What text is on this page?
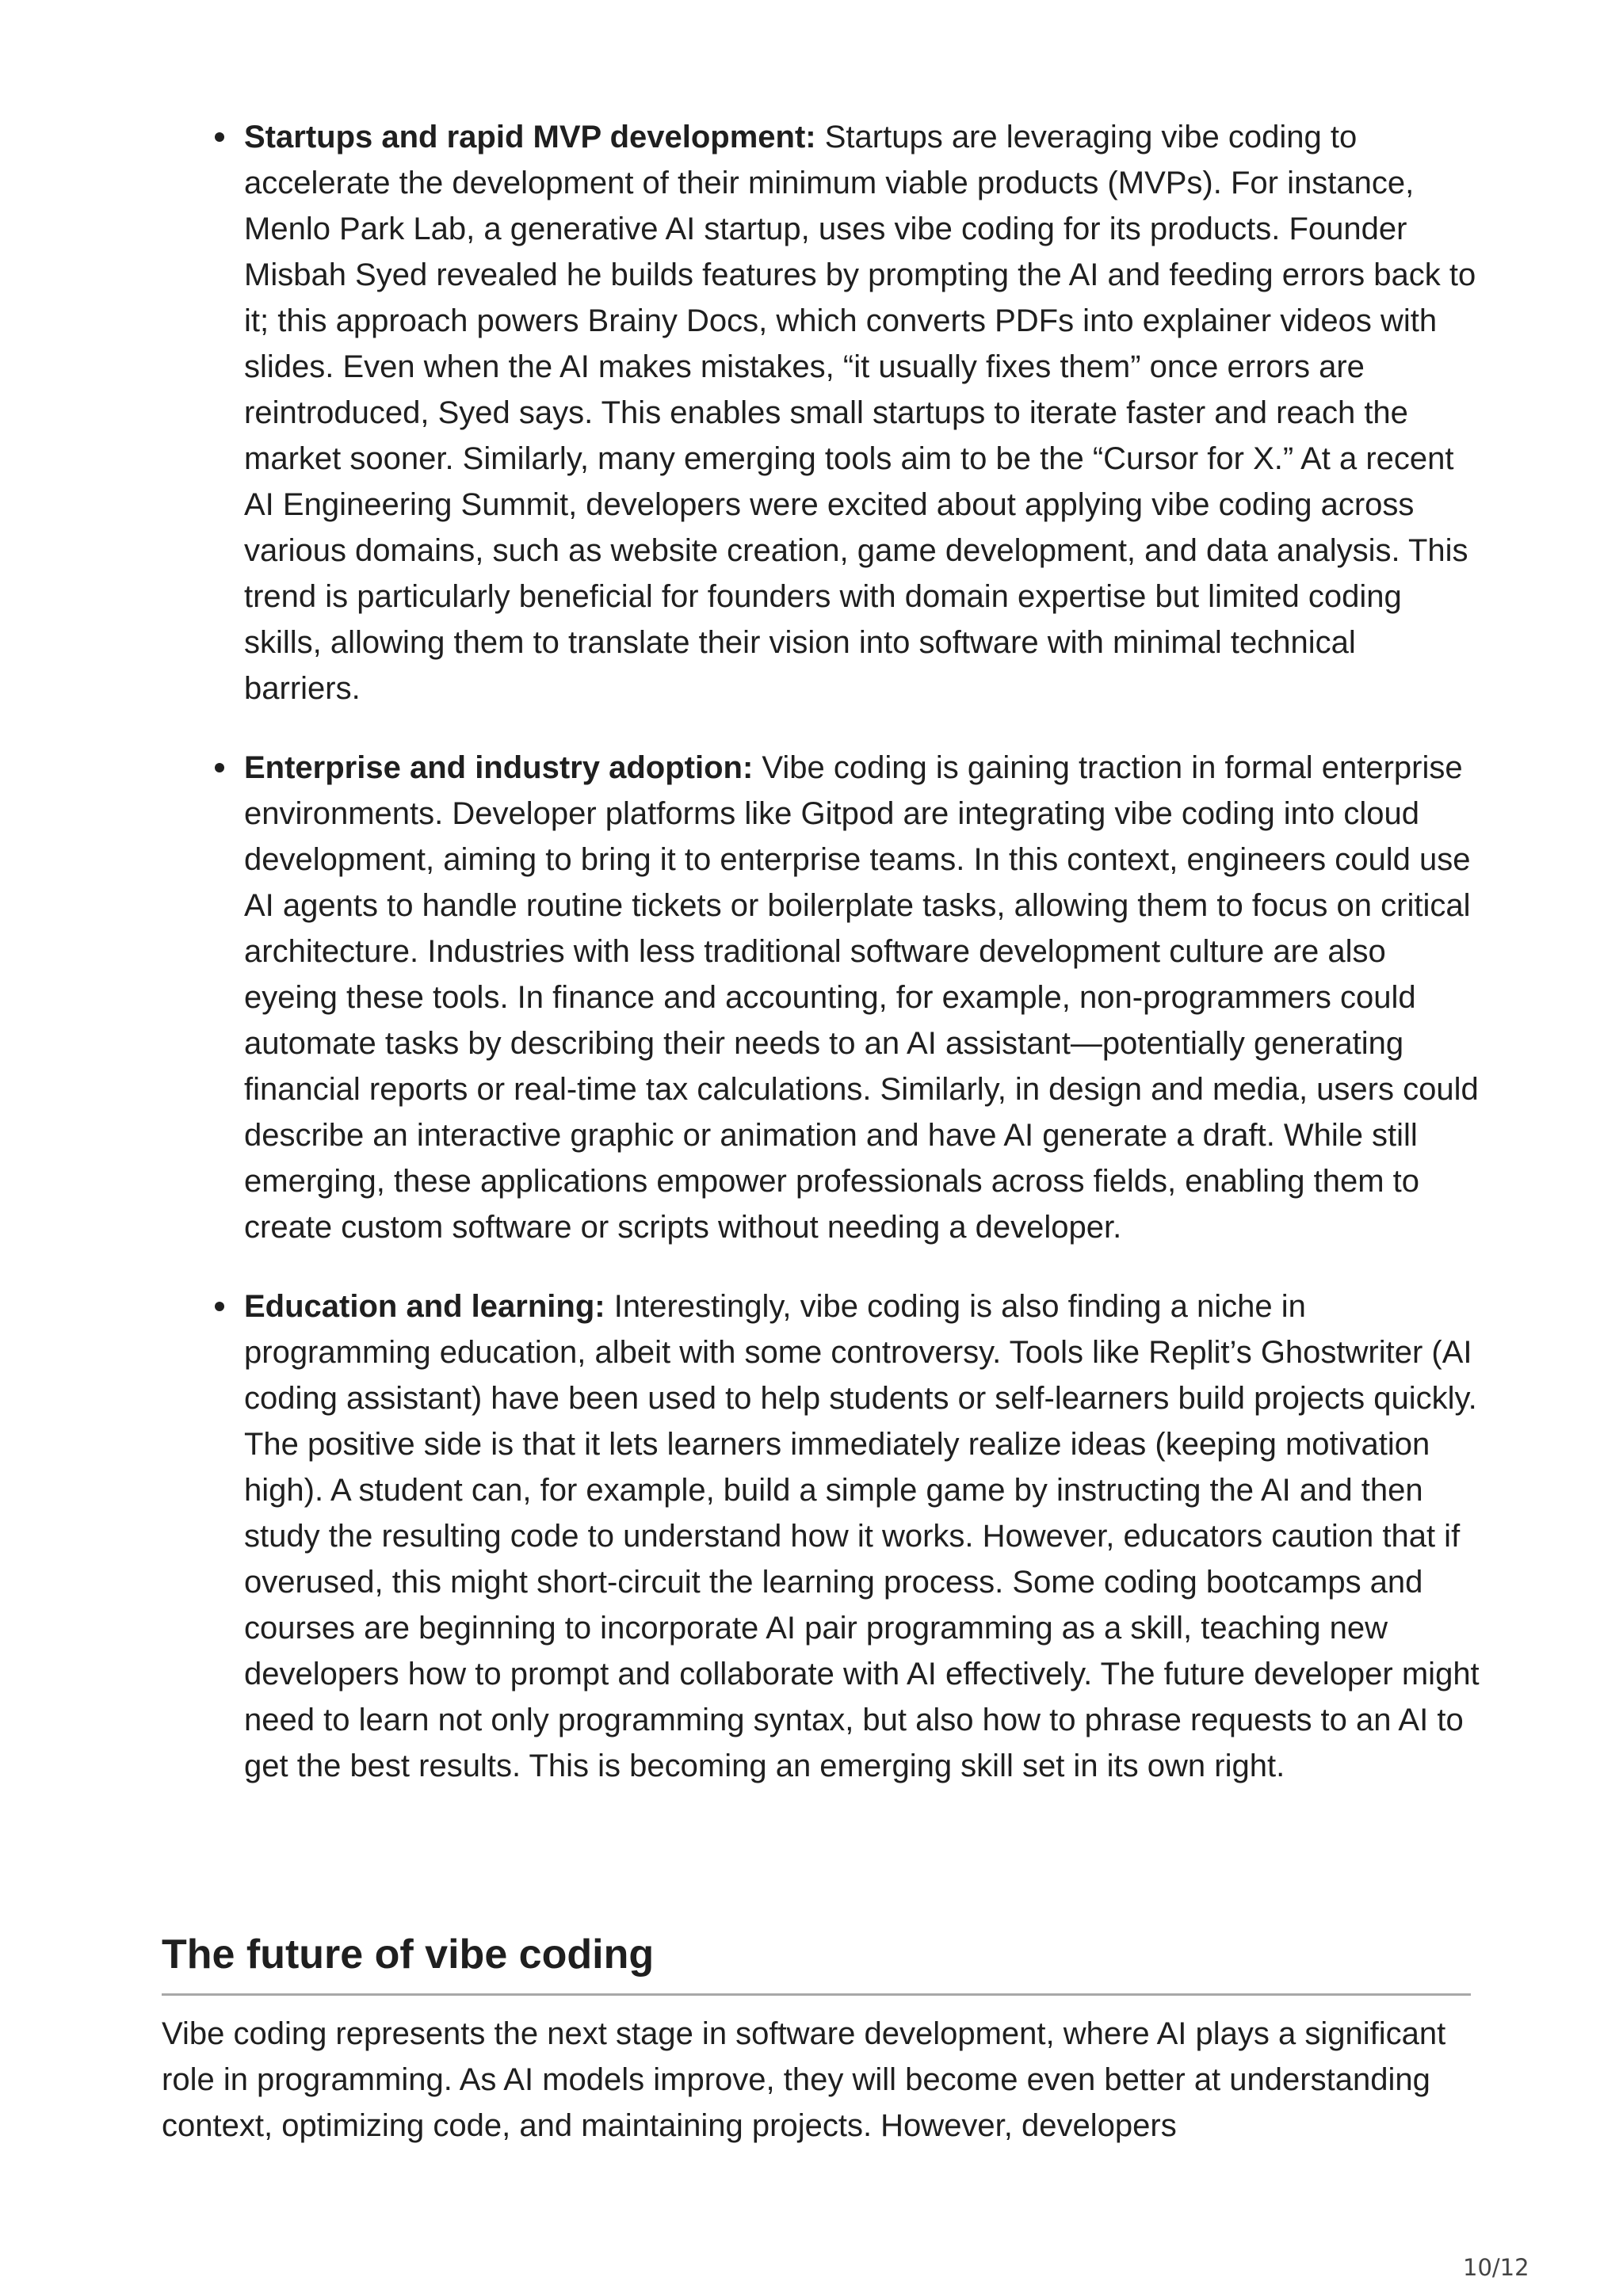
Startups and rapid MVP development: Startups are leveraging vibe coding to accelerate the development of their minimum viable products (MVPs). For instance, Menlo Park Lab, a generative AI startup, uses vibe coding for its products. Founder Misbah Syed revealed he builds features by prompting the AI and feeding errors back to it; this approach powers Brainy Docs, which converts PDFs into explainer videos with slides. Even when the AI makes mistakes, “it usually fixes them” once errors are reintroduced, Syed says. This enables small startups to iterate faster and reach the market sooner. Similarly, many emerging tools aim to be the “Cursor for X.” At a recent AI Engineering Summit, developers were excited about applying vibe coding across various domains, such as website creation, game development, and data analysis. This trend is particularly beneficial for founders with domain expertise but limited coding skills, allowing them to translate their vision into software with minimal technical barriers.
Enterprise and industry adoption: Vibe coding is gaining traction in formal enterprise environments. Developer platforms like Gitpod are integrating vibe coding into cloud development, aiming to bring it to enterprise teams. In this context, engineers could use AI agents to handle routine tickets or boilerplate tasks, allowing them to focus on critical architecture. Industries with less traditional software development culture are also eyeing these tools. In finance and accounting, for example, non-programmers could automate tasks by describing their needs to an AI assistant—potentially generating financial reports or real-time tax calculations. Similarly, in design and media, users could describe an interactive graphic or animation and have AI generate a draft. While still emerging, these applications empower professionals across fields, enabling them to create custom software or scripts without needing a developer.
Education and learning: Interestingly, vibe coding is also finding a niche in programming education, albeit with some controversy. Tools like Replit’s Ghostwriter (AI coding assistant) have been used to help students or self-learners build projects quickly. The positive side is that it lets learners immediately realize ideas (keeping motivation high). A student can, for example, build a simple game by instructing the AI and then study the resulting code to understand how it works. However, educators caution that if overused, this might short-circuit the learning process. Some coding bootcamps and courses are beginning to incorporate AI pair programming as a skill, teaching new developers how to prompt and collaborate with AI effectively. The future developer might need to learn not only programming syntax, but also how to phrase requests to an AI to get the best results. This is becoming an emerging skill set in its own right.
The future of vibe coding

Vibe coding represents the next stage in software development, where AI plays a significant role in programming. As AI models improve, they will become even better at understanding context, optimizing code, and maintaining projects. However, developers

10/12
